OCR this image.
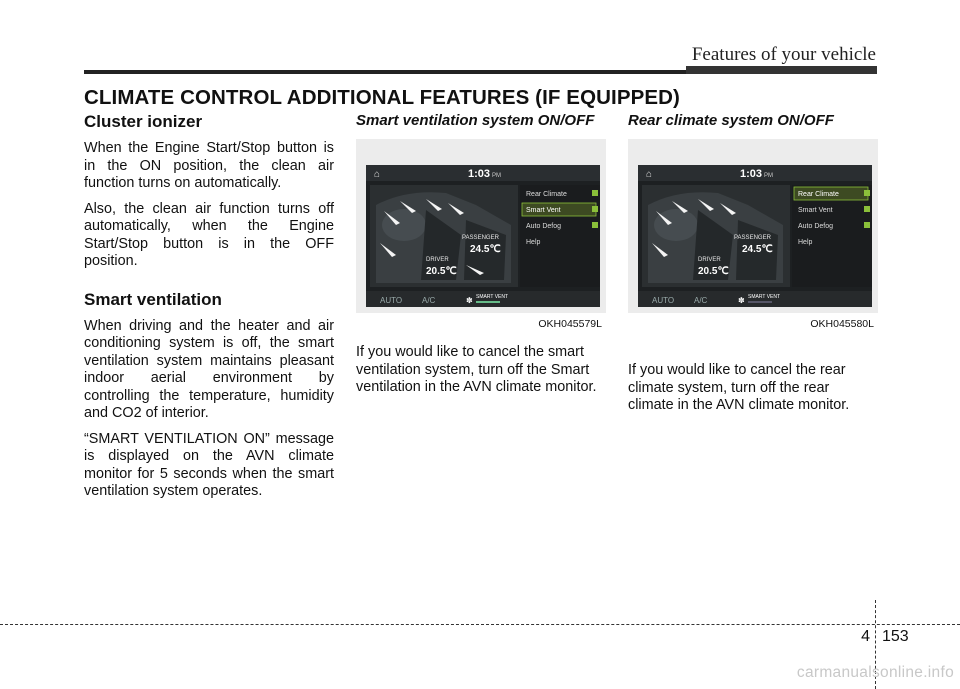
Features of your vehicle
CLIMATE CONTROL ADDITIONAL FEATURES (IF EQUIPPED)
Cluster ionizer

When the Engine Start/Stop button is in the ON position, the clean air function turns on automatically.

Also, the clean air function turns off automatically, when the Engine Start/Stop button is in the OFF position.

Smart ventilation

When driving and the heater and air conditioning system is off, the smart ventilation system maintains pleasant indoor aerial environment by controlling the temperature, humidity and CO2 of interior.

“SMART VENTILATION ON” message is displayed on the AVN climate monitor for 5 seconds when the smart ventilation system operates.

Smart ventilation system ON/OFF
⌂	1:03 PM
PASSENGER
24.5℃
DRIVER
20.5℃
Rear Climate
Smart Vent
Auto Defog
Help
AUTO A/C	✽ SMART VENT
OKH045579L

If you would like to cancel the smart ventilation system, turn off the Smart ventilation in the AVN climate monitor.

Rear climate system ON/OFF
⌂	1:03 PM
PASSENGER
24.5℃
DRIVER
20.5℃
Rear Climate
Smart Vent
Auto Defog
Help
AUTO A/C	✽ SMART VENT
OKH045580L

If you would like to cancel the rear climate system, turn off the rear climate in the AVN climate monitor.

4 153
carmanualsonline.info
